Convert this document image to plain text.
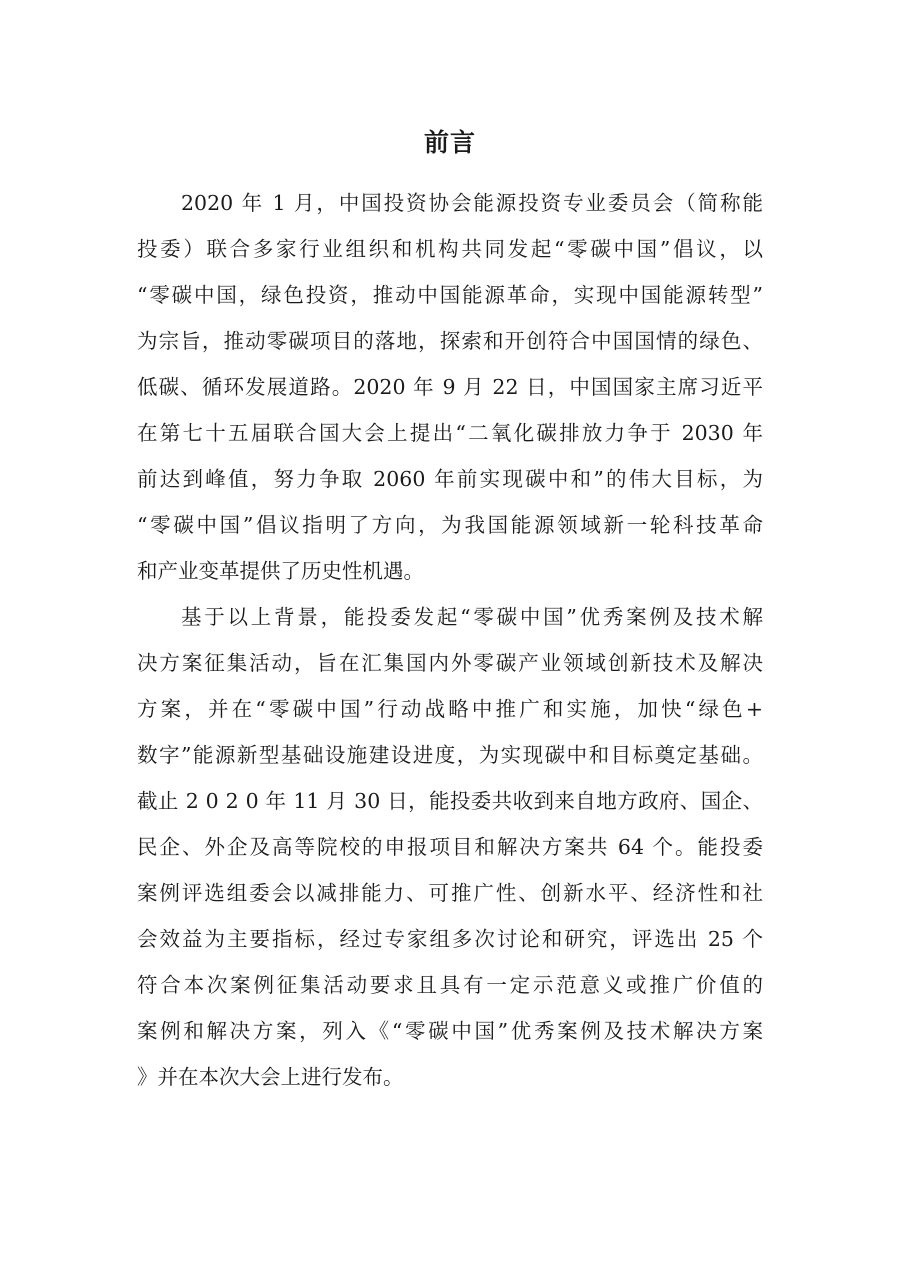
前言
2020 年 1 月，中国投资协会能源投资专业委员会（简称能
投委）联合多家行业组织和机构共同发起“零碳中国”倡议，以
“零碳中国，绿色投资，推动中国能源革命，实现中国能源转型”
为宗旨，推动零碳项目的落地，探索和开创符合中国国情的绿色、
低碳、循环发展道路。2020 年 9 月 22 日，中国国家主席习近平
在第七十五届联合国大会上提出“二氧化碳排放力争于 2030 年
前达到峰值，努力争取 2060 年前实现碳中和”的伟大目标，为
“零碳中国”倡议指明了方向，为我国能源领域新一轮科技革命
和产业变革提供了历史性机遇。
基于以上背景，能投委发起“零碳中国”优秀案例及技术解
决方案征集活动，旨在汇集国内外零碳产业领域创新技术及解决
方案，并在“零碳中国”行动战略中推广和实施，加快“绿色+
数字”能源新型基础设施建设进度，为实现碳中和目标奠定基础。
截止 2 0 2 0 年 11 月 30 日，能投委共收到来自地方政府、国企、
民企、外企及高等院校的申报项目和解决方案共 64 个。能投委
案例评选组委会以减排能力、可推广性、创新水平、经济性和社
会效益为主要指标，经过专家组多次讨论和研究，评选出 25 个
符合本次案例征集活动要求且具有一定示范意义或推广价值的
案例和解决方案，列入《“零碳中国”优秀案例及技术解决方案
》并在本次大会上进行发布。
